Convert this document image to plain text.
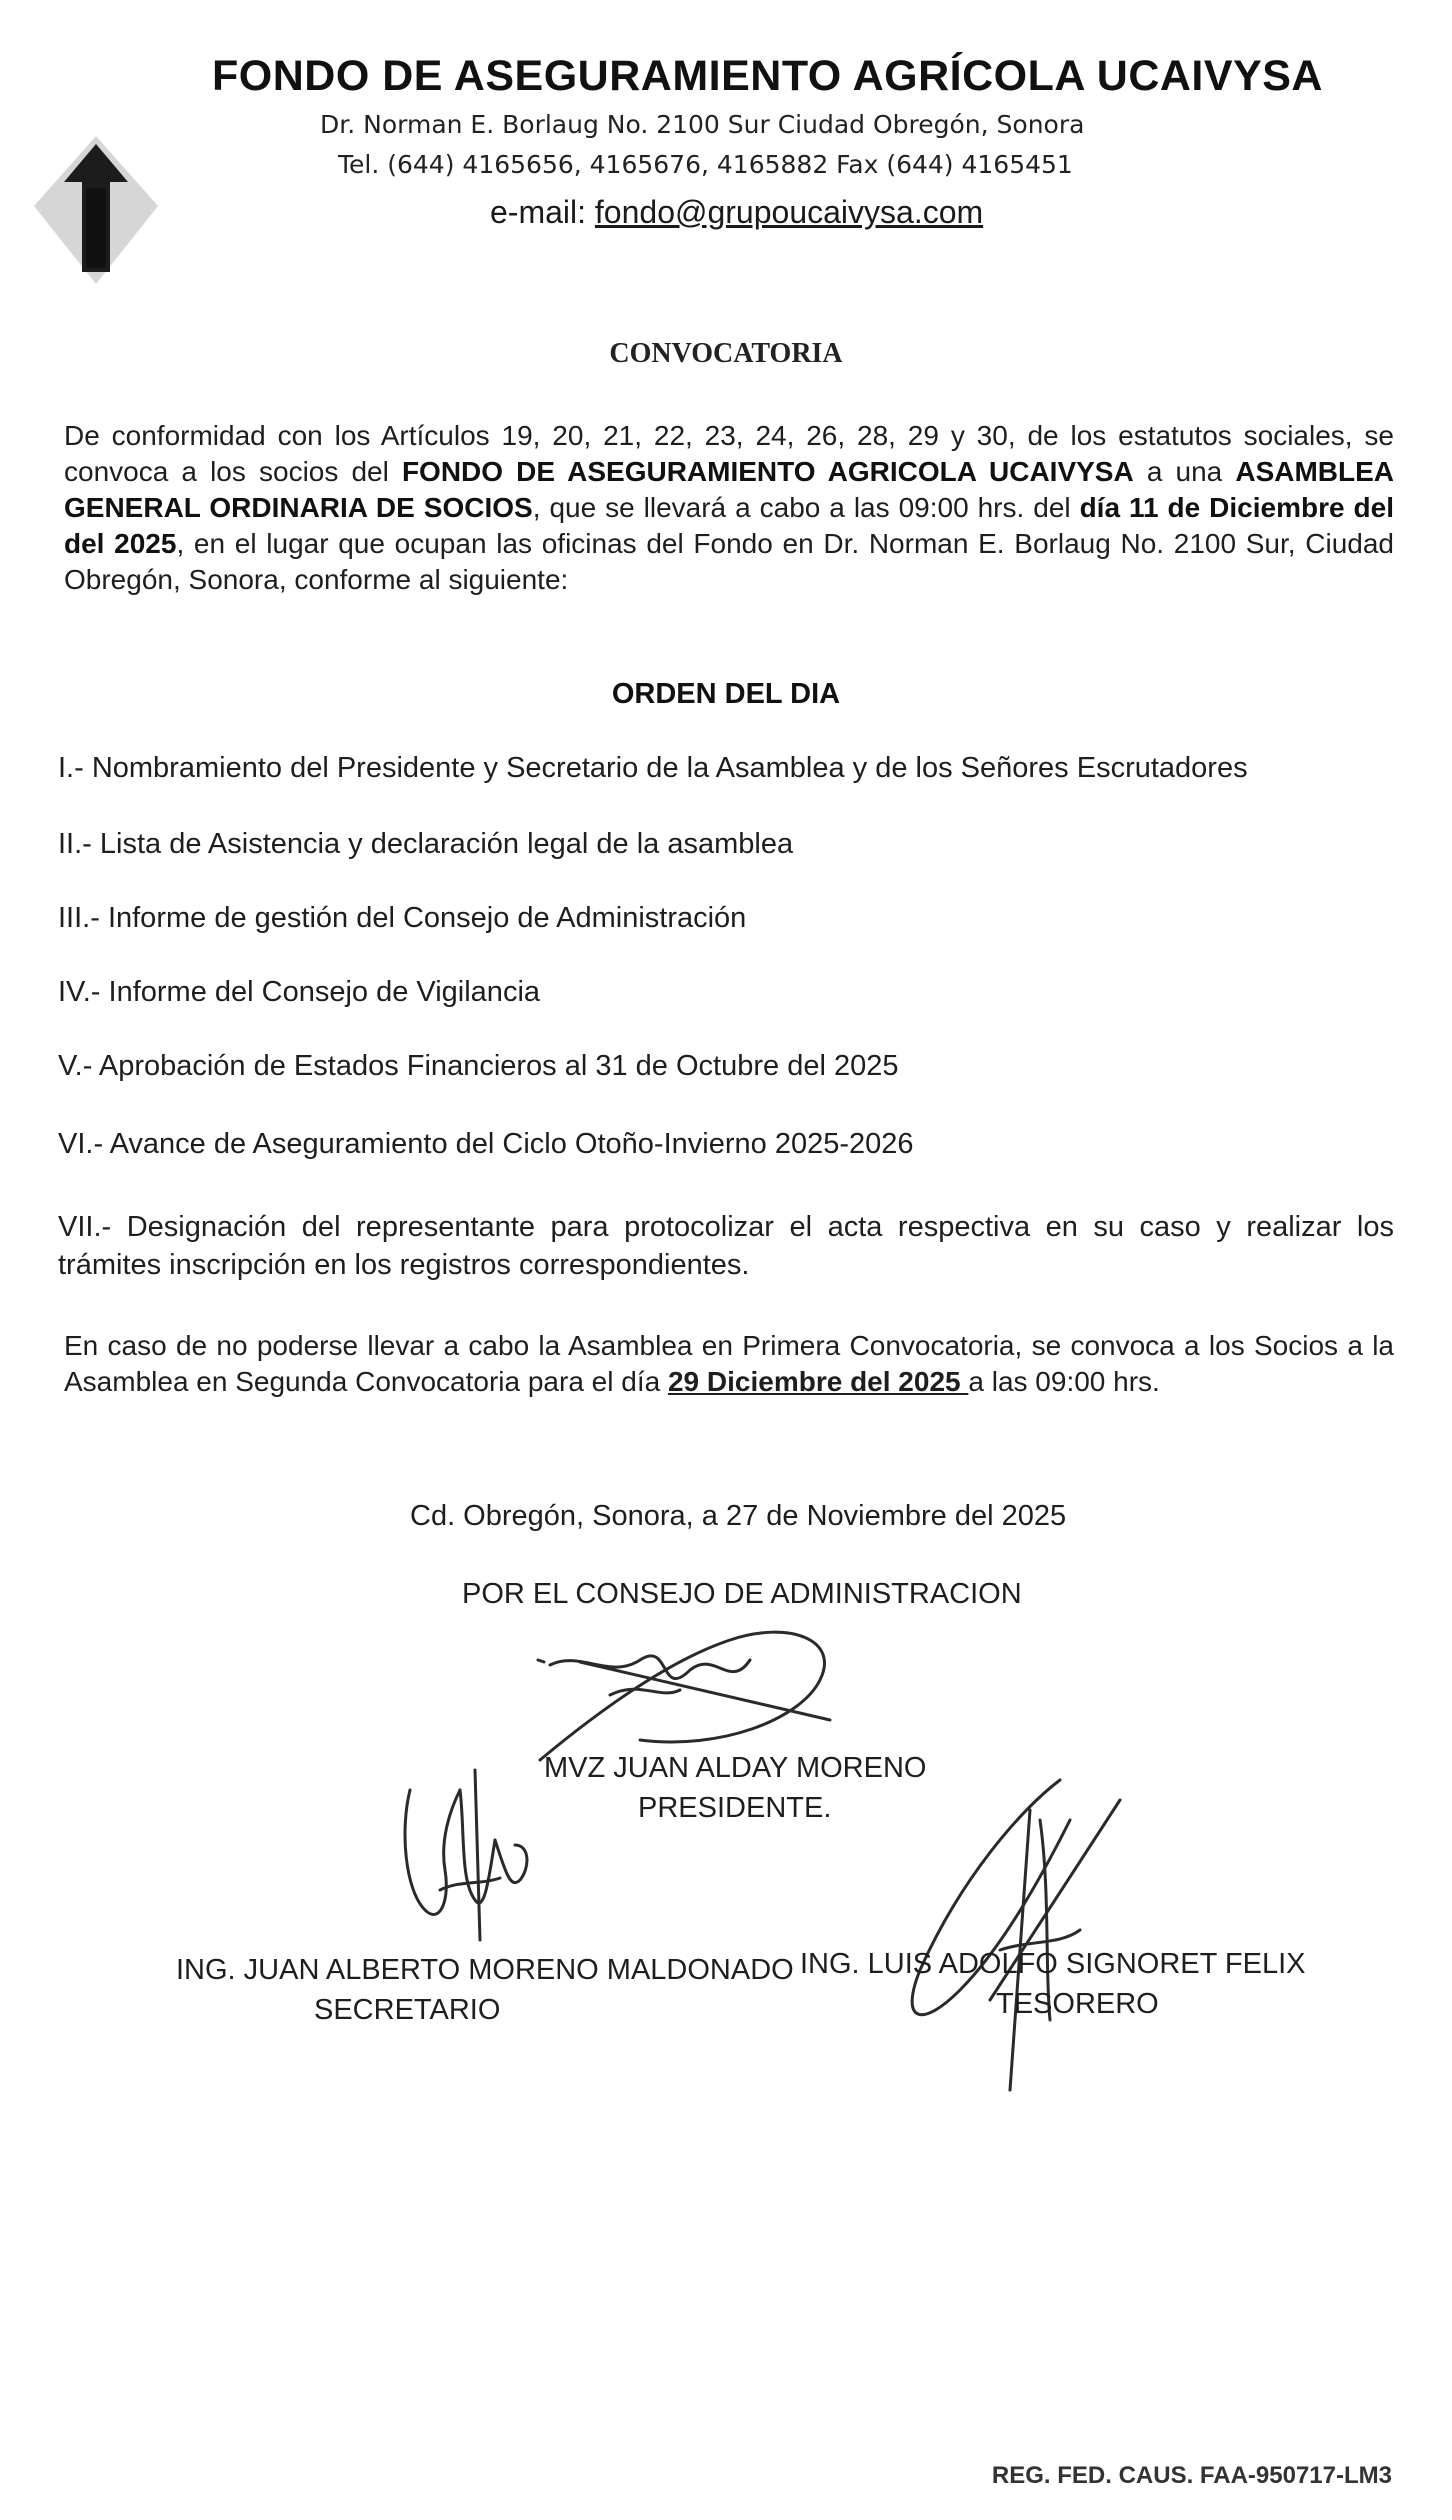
FONDO DE ASEGURAMIENTO AGRÍCOLA UCAIVYSA
Dr. Norman E. Borlaug No. 2100 Sur Ciudad Obregón, Sonora
Tel. (644) 4165656, 4165676, 4165882 Fax (644) 4165451
e-mail: fondo@grupoucaivysa.com
CONVOCATORIA
De conformidad con los Artículos 19, 20, 21, 22, 23, 24, 26, 28, 29 y 30, de los estatutos sociales, se convoca a los socios del FONDO DE ASEGURAMIENTO AGRICOLA UCAIVYSA a una ASAMBLEA GENERAL ORDINARIA DE SOCIOS, que se llevará a cabo a las 09:00 hrs. del día 11 de Diciembre del del 2025, en el lugar que ocupan las oficinas del Fondo en Dr. Norman E. Borlaug No. 2100 Sur, Ciudad Obregón, Sonora, conforme al siguiente:
ORDEN DEL DIA
I.- Nombramiento del Presidente y Secretario de la Asamblea y de los Señores Escrutadores
II.- Lista de Asistencia y declaración legal de la asamblea
III.- Informe de gestión del Consejo de Administración
IV.- Informe del Consejo de Vigilancia
V.- Aprobación de Estados Financieros al 31 de Octubre del 2025
VI.- Avance de Aseguramiento del Ciclo Otoño-Invierno 2025-2026
VII.- Designación del representante para protocolizar el acta respectiva en su caso y realizar los trámites inscripción en los registros correspondientes.
En caso de no poderse llevar a cabo la Asamblea en Primera Convocatoria, se convoca a los Socios a la Asamblea en Segunda Convocatoria para el día 29 Diciembre del 2025 a las 09:00 hrs.
Cd. Obregón, Sonora, a 27 de Noviembre del 2025
POR EL CONSEJO DE ADMINISTRACION
MVZ JUAN ALDAY MORENO
PRESIDENTE.
ING. JUAN ALBERTO MORENO MALDONADO
SECRETARIO
ING. LUIS ADOLFO SIGNORET FELIX
TESORERO
REG. FED. CAUS. FAA-950717-LM3
